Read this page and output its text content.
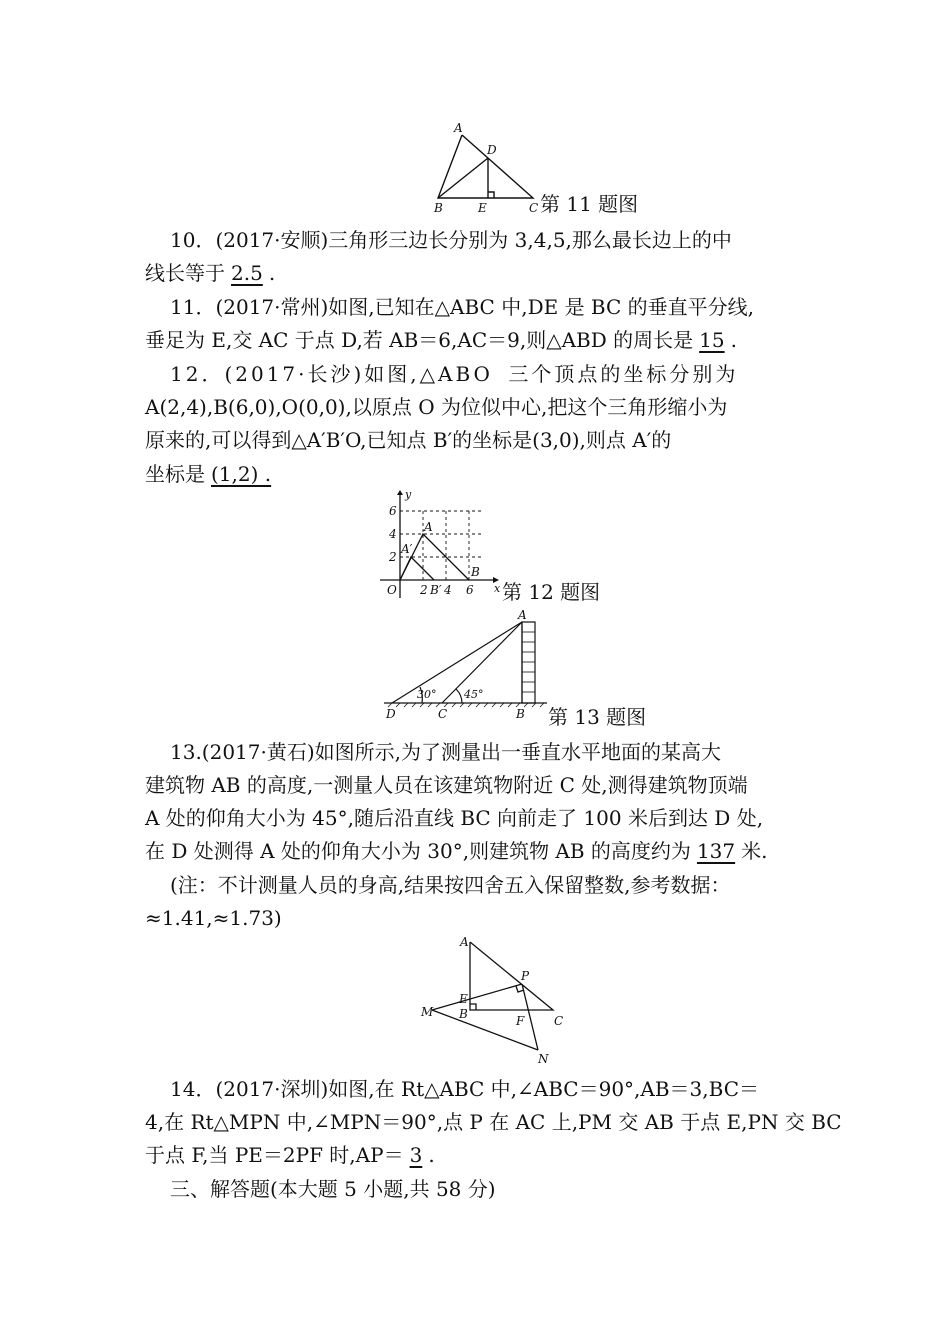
A
D
B	E	C 第 11 题图
10．(2017·安顺)三角形三边长分别为 3,4,5,那么最长边上的中
线长等于 2.5 .
11．(2017·常州)如图,已知在△ABC 中,DE 是 BC 的垂直平分线,
垂足为 E,交 AC 于点 D,若 AB＝6,AC＝9,则△ABD 的周长是 15 .
12．(2017·长沙)如图,△ABO 三个顶点的坐标分别为
A(2,4),B(6,0),O(0,0),以原点 O 为位似中心,把这个三角形缩小为
原来的,可以得到△A′B′O,已知点 B′的坐标是(3,0),则点 A′的
坐标是 (1,2) .
y
x
O
A
A′
B
B′
2 4 6
2
4
6
第 12 题图
A
D	C	B
30°	45°
第 13 题图
13.(2017·黄石)如图所示,为了测量出一垂直水平地面的某高大
建筑物 AB 的高度,一测量人员在该建筑物附近 C 处,测得建筑物顶端
A 处的仰角大小为 45°,随后沿直线 BC 向前走了 100 米后到达 D 处,
在 D 处测得 A 处的仰角大小为 30°,则建筑物 AB 的高度约为 137 米.
(注：不计测量人员的身高,结果按四舍五入保留整数,参考数据：
≈1.41,≈1.73)
A
P
E
M B	F C
N
14．(2017·深圳)如图,在 Rt△ABC 中,∠ABC＝90°,AB＝3,BC＝
4,在 Rt△MPN 中,∠MPN＝90°,点 P 在 AC 上,PM 交 AB 于点 E,PN 交 BC
于点 F,当 PE＝2PF 时,AP＝ 3 .
三、解答题(本大题 5 小题,共 58 分)
